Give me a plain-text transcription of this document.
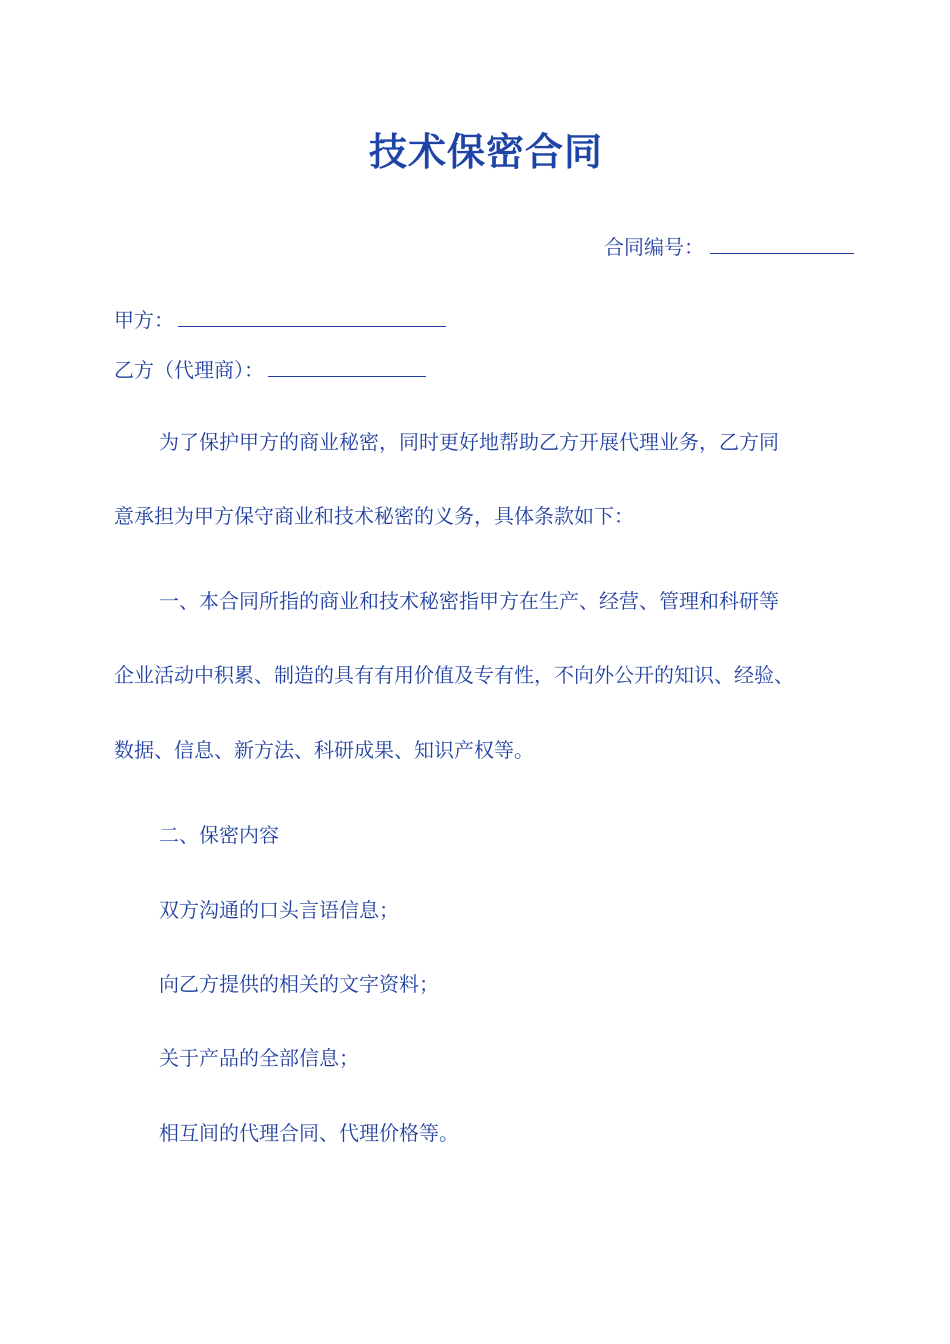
技术保密合同
合同编号：
甲方：
乙方（代理商）：
为了保护甲方的商业秘密，同时更好地帮助乙方开展代理业务，乙方同
意承担为甲方保守商业和技术秘密的义务，具体条款如下：
一、本合同所指的商业和技术秘密指甲方在生产、经营、管理和科研等
企业活动中积累、制造的具有有用价值及专有性，不向外公开的知识、经验、
数据、信息、新方法、科研成果、知识产权等。
二、保密内容
双方沟通的口头言语信息；
向乙方提供的相关的文字资料；
关于产品的全部信息；
相互间的代理合同、代理价格等。
